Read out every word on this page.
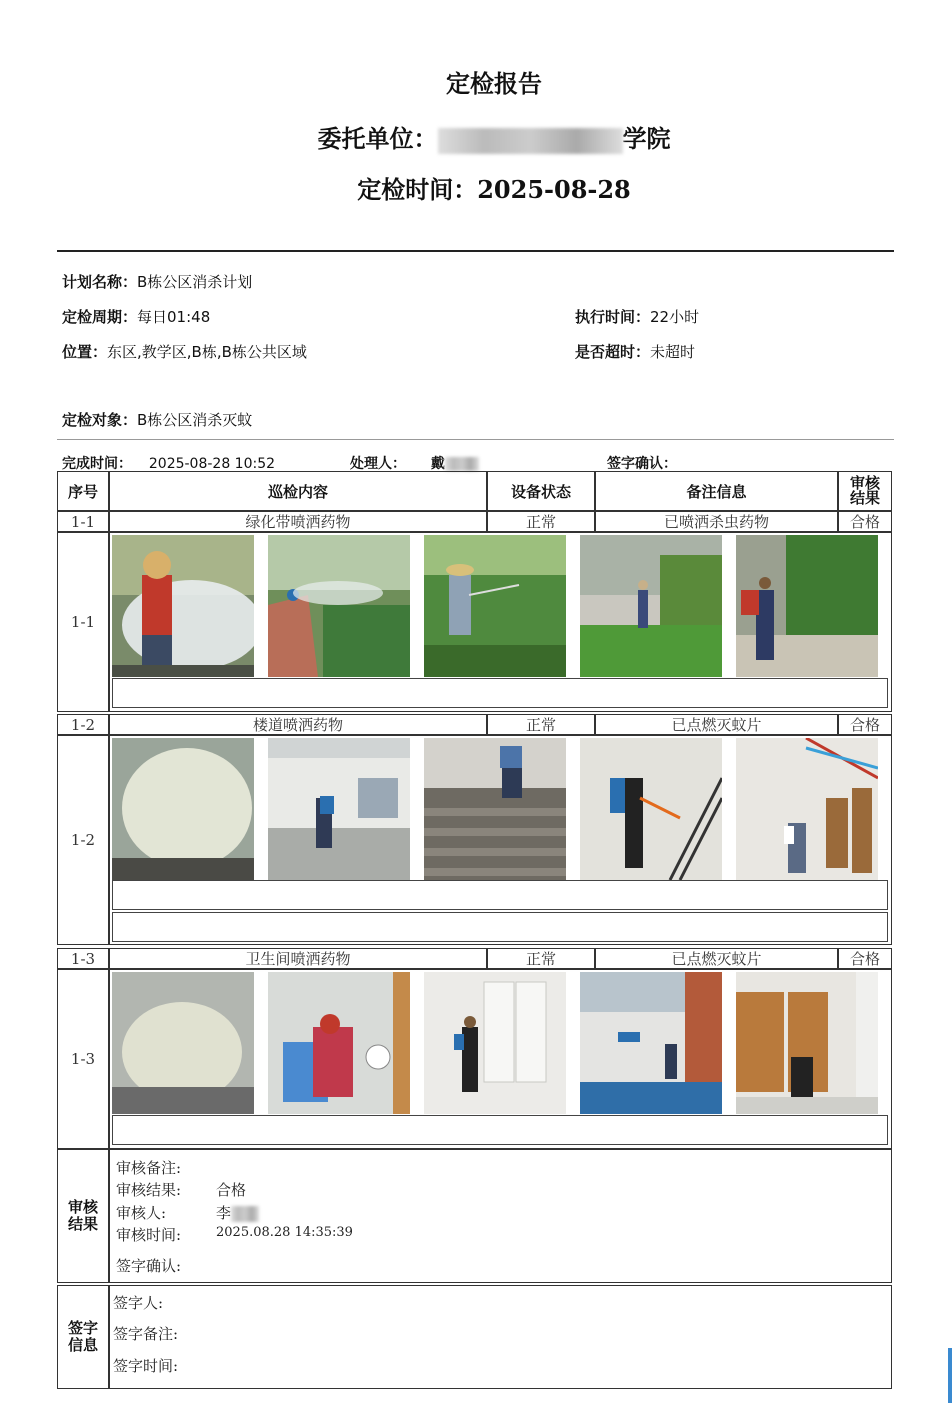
定检报告
委托单位：	学院
定检时间：2025-08-28
计划名称：B栋公区消杀计划
定检周期：每日01:48	执行时间：22小时
位置：东区,教学区,B栋,B栋公共区域	是否超时：未超时
定检对象：B栋公区消杀灭蚊
完成时间： 2025-08-28 10:52	处理人： 戴	签字确认：
序号	巡检内容	设备状态	备注信息	审核结果
1-1	绿化带喷洒药物	正常	已喷洒杀虫药物	合格
1-1
1-2	楼道喷洒药物	正常	已点燃灭蚊片	合格
1-2
1-3	卫生间喷洒药物	正常	已点燃灭蚊片	合格
1-3
审核结果
审核备注:
审核结果: 合格
审核人:	李
审核时间:	2025.08.28 14:35:39
签字确认:
签字信息
签字人:
签字备注:
签字时间:
